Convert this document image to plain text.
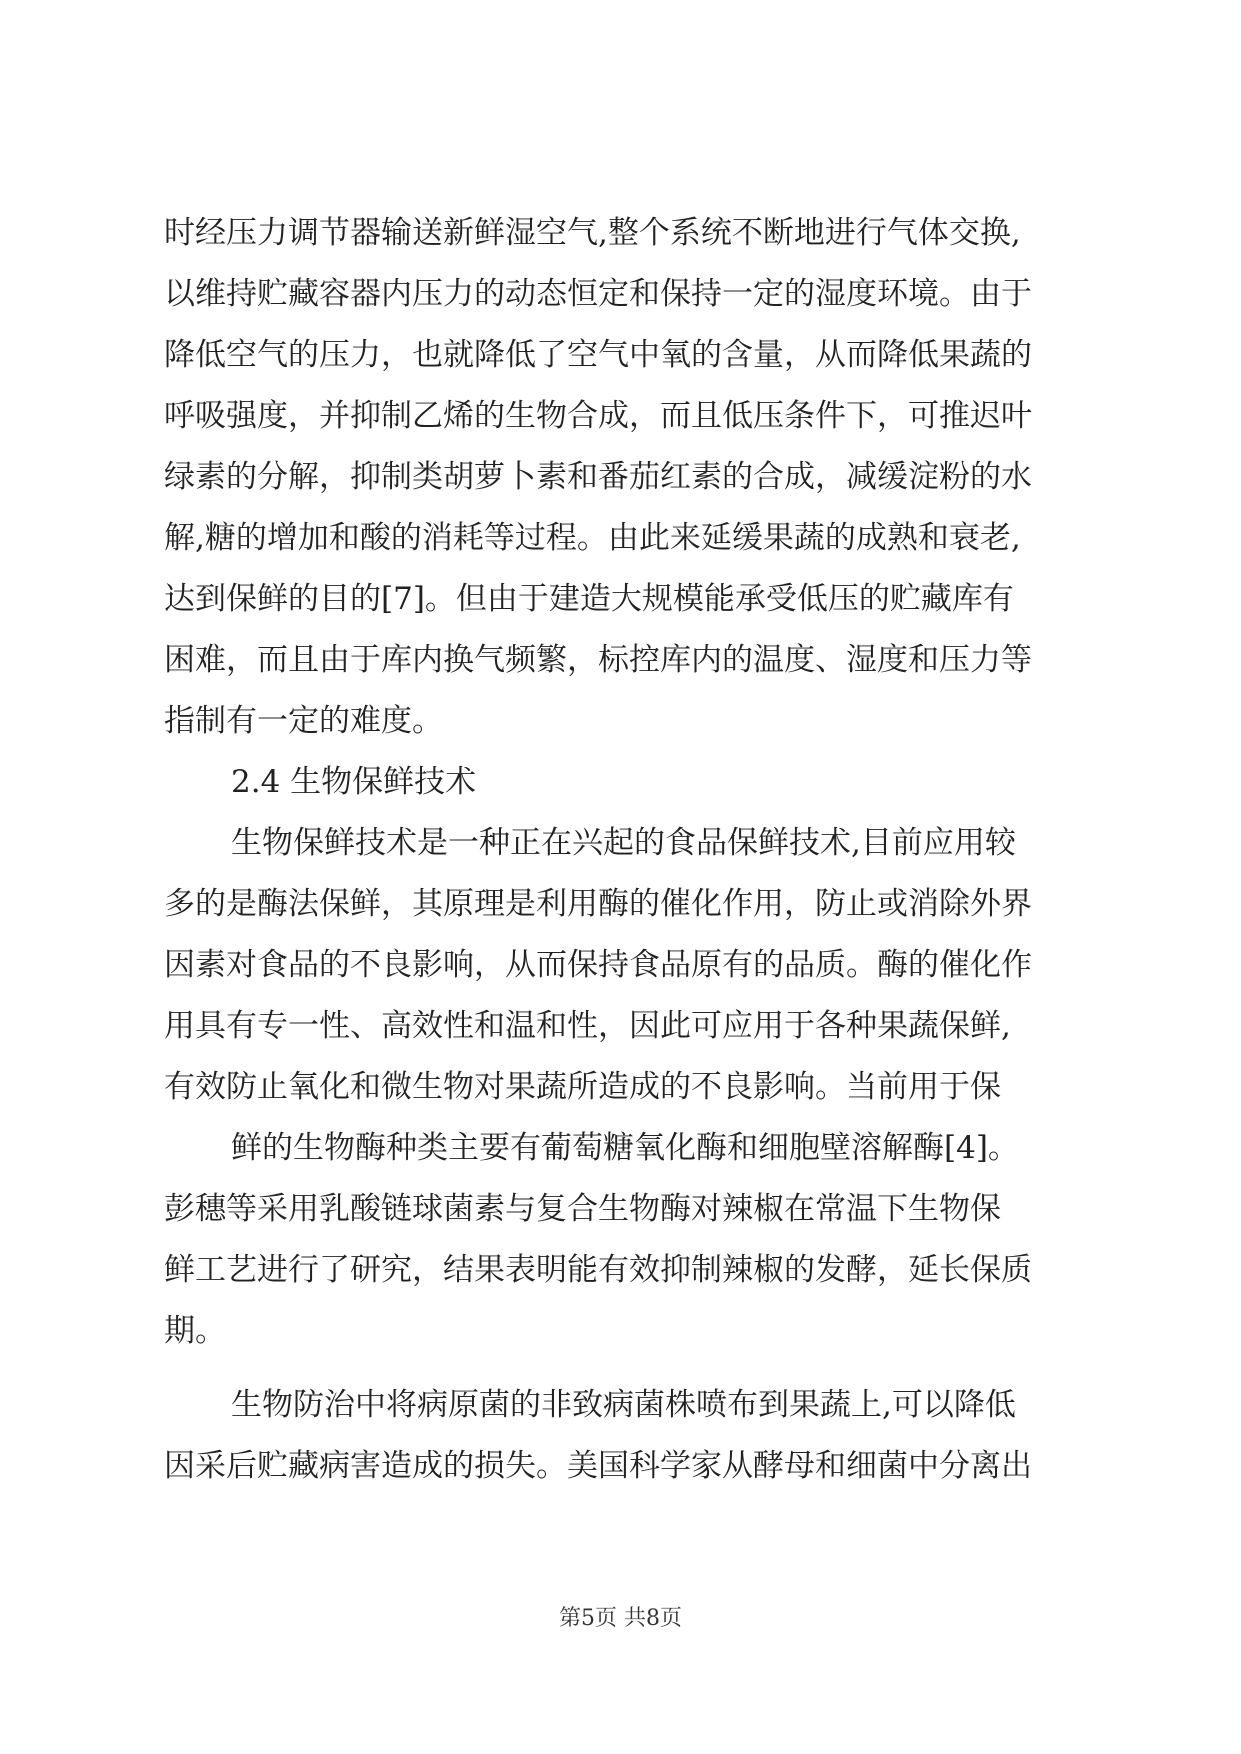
时经压力调节器输送新鲜湿空气,整个系统不断地进行气体交换,
以维持贮藏容器内压力的动态恒定和保持一定的湿度环境。由于
降低空气的压力，也就降低了空气中氧的含量，从而降低果蔬的
呼吸强度，并抑制乙烯的生物合成，而且低压条件下，可推迟叶
绿素的分解，抑制类胡萝卜素和番茄红素的合成，减缓淀粉的水
解,糖的增加和酸的消耗等过程。由此来延缓果蔬的成熟和衰老,
达到保鲜的目的[7]。但由于建造大规模能承受低压的贮藏库有
困难，而且由于库内换气频繁，标控库内的温度、湿度和压力等
指制有一定的难度。
2.4 生物保鲜技术
生物保鲜技术是一种正在兴起的食品保鲜技术,目前应用较
多的是酶法保鲜，其原理是利用酶的催化作用，防止或消除外界
因素对食品的不良影响，从而保持食品原有的品质。酶的催化作
用具有专一性、高效性和温和性，因此可应用于各种果蔬保鲜,
有效防止氧化和微生物对果蔬所造成的不良影响。当前用于保
鲜的生物酶种类主要有葡萄糖氧化酶和细胞壁溶解酶[4]。
彭穗等采用乳酸链球菌素与复合生物酶对辣椒在常温下生物保
鲜工艺进行了研究，结果表明能有效抑制辣椒的发酵，延长保质
期。
生物防治中将病原菌的非致病菌株喷布到果蔬上,可以降低
因采后贮藏病害造成的损失。美国科学家从酵母和细菌中分离出
第5页 共8页
